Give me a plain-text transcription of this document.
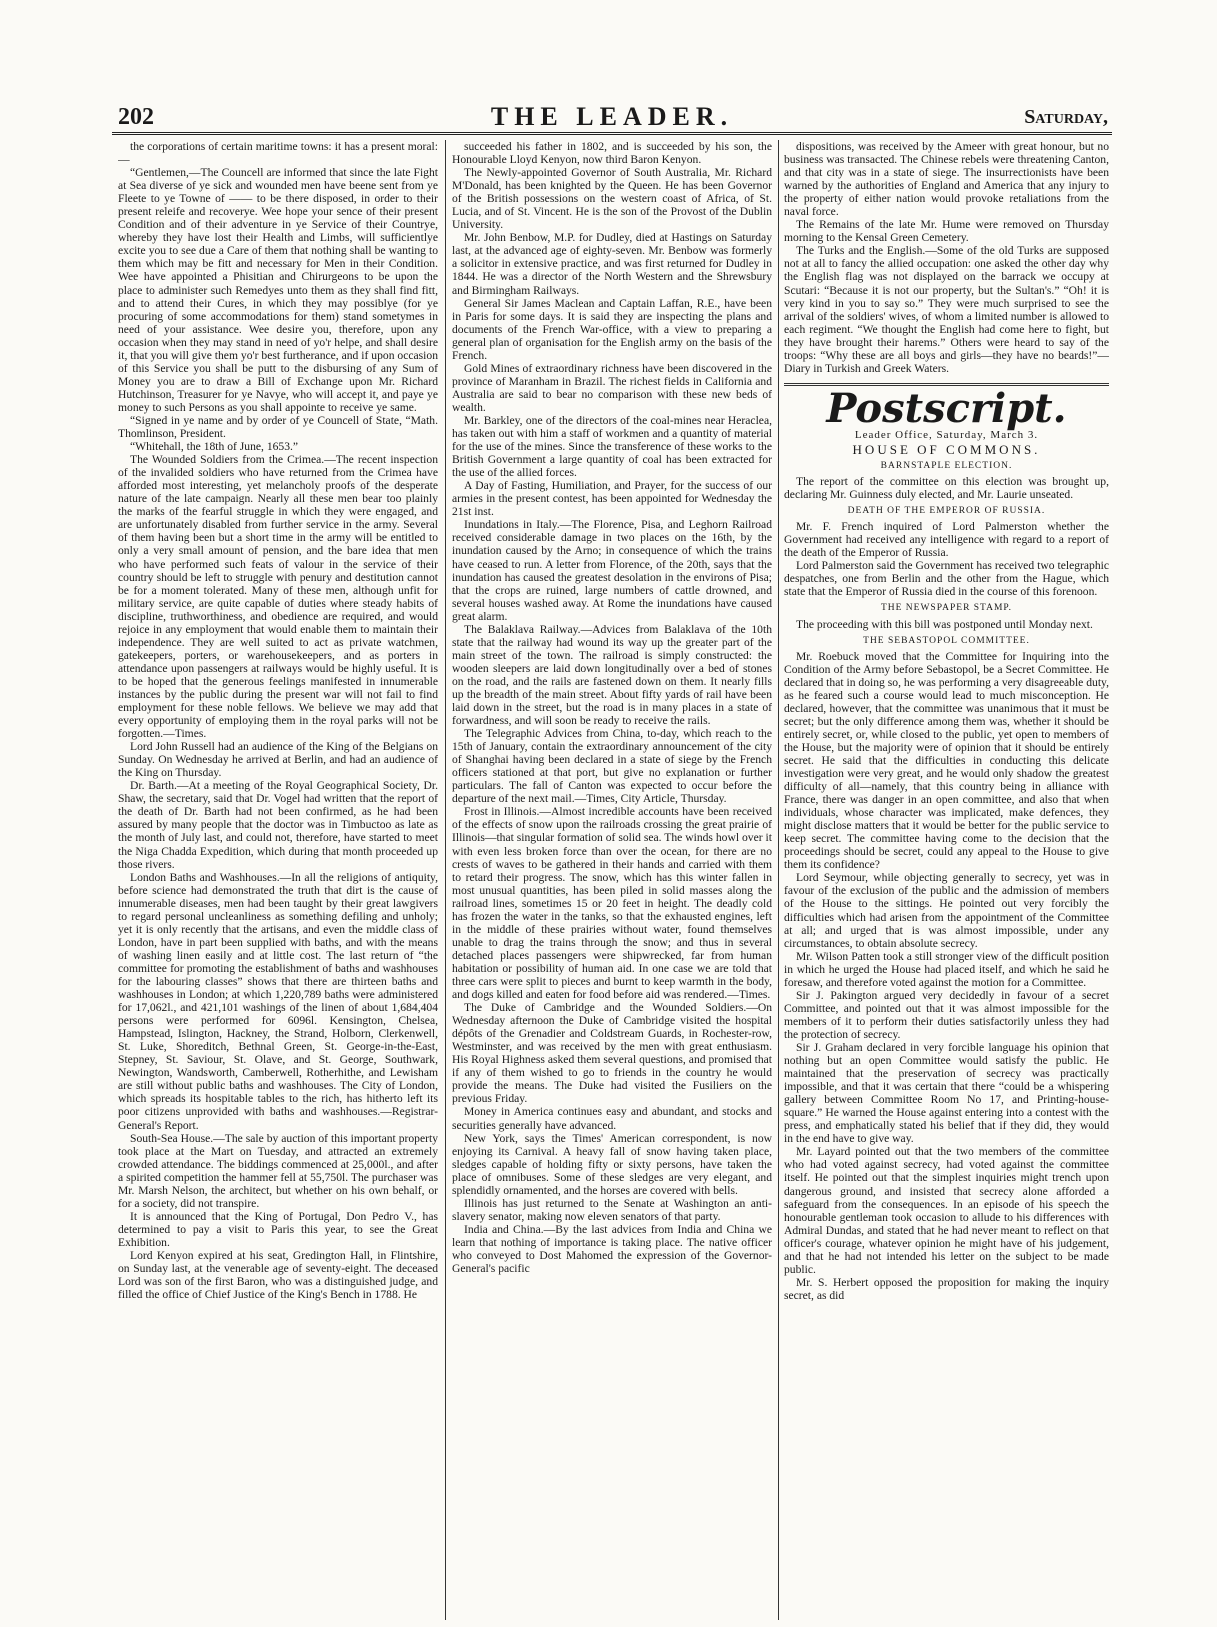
202	THE LEADER.	Saturday,

the corporations of certain maritime towns: it has a present moral:—

“Gentlemen,—The Councell are informed that since the late Fight at Sea diverse of ye sick and wounded men have beene sent from ye Fleete to ye Towne of —— to be there disposed, in order to their present releife and recoverye. Wee hope your sence of their present Condition and of their adventure in ye Service of their Countrye, whereby they have lost their Health and Limbs, will sufficientlye excite you to see due a Care of them that nothing shall be wanting to them which may be fitt and necessary for Men in their Condition. Wee have appointed a Phisitian and Chirurgeons to be upon the place to administer such Remedyes unto them as they shall find fitt, and to attend their Cures, in which they may possiblye (for ye procuring of some accommodations for them) stand sometymes in need of your assistance. Wee desire you, therefore, upon any occasion when they may stand in need of yo'r helpe, and shall desire it, that you will give them yo'r best furtherance, and if upon occasion of this Service you shall be putt to the disbursing of any Sum of Money you are to draw a Bill of Exchange upon Mr. Richard Hutchinson, Treasurer for ye Navye, who will accept it, and paye ye money to such Persons as you shall appointe to receive ye same.

“Signed in ye name and by order of ye Councell of State, “Math. Thomlinson, President.

“Whitehall, the 18th of June, 1653.”

The Wounded Soldiers from the Crimea.—The recent inspection of the invalided soldiers who have returned from the Crimea have afforded most interesting, yet melancholy proofs of the desperate nature of the late campaign. Nearly all these men bear too plainly the marks of the fearful struggle in which they were engaged, and are unfortunately disabled from further service in the army. Several of them having been but a short time in the army will be entitled to only a very small amount of pension, and the bare idea that men who have performed such feats of valour in the service of their country should be left to struggle with penury and destitution cannot be for a moment tolerated. Many of these men, although unfit for military service, are quite capable of duties where steady habits of discipline, truthworthiness, and obedience are required, and would rejoice in any employment that would enable them to maintain their independence. They are well suited to act as private watchmen, gatekeepers, porters, or warehousekeepers, and as porters in attendance upon passengers at railways would be highly useful. It is to be hoped that the generous feelings manifested in innumerable instances by the public during the present war will not fail to find employment for these noble fellows. We believe we may add that every opportunity of employing them in the royal parks will not be forgotten.—Times.

Lord John Russell had an audience of the King of the Belgians on Sunday. On Wednesday he arrived at Berlin, and had an audience of the King on Thursday.

Dr. Barth.—At a meeting of the Royal Geographical Society, Dr. Shaw, the secretary, said that Dr. Vogel had written that the report of the death of Dr. Barth had not been confirmed, as he had been assured by many people that the doctor was in Timbuctoo as late as the month of July last, and could not, therefore, have started to meet the Niga Chadda Expedition, which during that month proceeded up those rivers.

London Baths and Washhouses.—In all the religions of antiquity, before science had demonstrated the truth that dirt is the cause of innumerable diseases, men had been taught by their great lawgivers to regard personal uncleanliness as something defiling and unholy; yet it is only recently that the artisans, and even the middle class of London, have in part been supplied with baths, and with the means of washing linen easily and at little cost. The last return of “the committee for promoting the establishment of baths and washhouses for the labouring classes” shows that there are thirteen baths and washhouses in London; at which 1,220,789 baths were administered for 17,062l., and 421,101 washings of the linen of about 1,684,404 persons were performed for 6096l. Kensington, Chelsea, Hampstead, Islington, Hackney, the Strand, Holborn, Clerkenwell, St. Luke, Shoreditch, Bethnal Green, St. George-in-the-East, Stepney, St. Saviour, St. Olave, and St. George, Southwark, Newington, Wandsworth, Camberwell, Rotherhithe, and Lewisham are still without public baths and washhouses. The City of London, which spreads its hospitable tables to the rich, has hitherto left its poor citizens unprovided with baths and washhouses.—Registrar-General's Report.

South-Sea House.—The sale by auction of this important property took place at the Mart on Tuesday, and attracted an extremely crowded attendance. The biddings commenced at 25,000l., and after a spirited competition the hammer fell at 55,750l. The purchaser was Mr. Marsh Nelson, the architect, but whether on his own behalf, or for a society, did not transpire.

It is announced that the King of Portugal, Don Pedro V., has determined to pay a visit to Paris this year, to see the Great Exhibition.

Lord Kenyon expired at his seat, Gredington Hall, in Flintshire, on Sunday last, at the venerable age of seventy-eight. The deceased Lord was son of the first Baron, who was a distinguished judge, and filled the office of Chief Justice of the King's Bench in 1788. He

succeeded his father in 1802, and is succeeded by his son, the Honourable Lloyd Kenyon, now third Baron Kenyon.

The Newly-appointed Governor of South Australia, Mr. Richard M'Donald, has been knighted by the Queen. He has been Governor of the British possessions on the western coast of Africa, of St. Lucia, and of St. Vincent. He is the son of the Provost of the Dublin University.

Mr. John Benbow, M.P. for Dudley, died at Hastings on Saturday last, at the advanced age of eighty-seven. Mr. Benbow was formerly a solicitor in extensive practice, and was first returned for Dudley in 1844. He was a director of the North Western and the Shrewsbury and Birmingham Railways.

General Sir James Maclean and Captain Laffan, R.E., have been in Paris for some days. It is said they are inspecting the plans and documents of the French War-office, with a view to preparing a general plan of organisation for the English army on the basis of the French.

Gold Mines of extraordinary richness have been discovered in the province of Maranham in Brazil. The richest fields in California and Australia are said to bear no comparison with these new beds of wealth.

Mr. Barkley, one of the directors of the coal-mines near Heraclea, has taken out with him a staff of workmen and a quantity of material for the use of the mines. Since the transference of these works to the British Government a large quantity of coal has been extracted for the use of the allied forces.

A Day of Fasting, Humiliation, and Prayer, for the success of our armies in the present contest, has been appointed for Wednesday the 21st inst.

Inundations in Italy.—The Florence, Pisa, and Leghorn Railroad received considerable damage in two places on the 16th, by the inundation caused by the Arno; in consequence of which the trains have ceased to run. A letter from Florence, of the 20th, says that the inundation has caused the greatest desolation in the environs of Pisa; that the crops are ruined, large numbers of cattle drowned, and several houses washed away. At Rome the inundations have caused great alarm.

The Balaklava Railway.—Advices from Balaklava of the 10th state that the railway had wound its way up the greater part of the main street of the town. The railroad is simply constructed: the wooden sleepers are laid down longitudinally over a bed of stones on the road, and the rails are fastened down on them. It nearly fills up the breadth of the main street. About fifty yards of rail have been laid down in the street, but the road is in many places in a state of forwardness, and will soon be ready to receive the rails.

The Telegraphic Advices from China, to-day, which reach to the 15th of January, contain the extraordinary announcement of the city of Shanghai having been declared in a state of siege by the French officers stationed at that port, but give no explanation or further particulars. The fall of Canton was expected to occur before the departure of the next mail.—Times, City Article, Thursday.

Frost in Illinois.—Almost incredible accounts have been received of the effects of snow upon the railroads crossing the great prairie of Illinois—that singular formation of solid sea. The winds howl over it with even less broken force than over the ocean, for there are no crests of waves to be gathered in their hands and carried with them to retard their progress. The snow, which has this winter fallen in most unusual quantities, has been piled in solid masses along the railroad lines, sometimes 15 or 20 feet in height. The deadly cold has frozen the water in the tanks, so that the exhausted engines, left in the middle of these prairies without water, found themselves unable to drag the trains through the snow; and thus in several detached places passengers were shipwrecked, far from human habitation or possibility of human aid. In one case we are told that three cars were split to pieces and burnt to keep warmth in the body, and dogs killed and eaten for food before aid was rendered.—Times.

The Duke of Cambridge and the Wounded Soldiers.—On Wednesday afternoon the Duke of Cambridge visited the hospital dépôts of the Grenadier and Coldstream Guards, in Rochester-row, Westminster, and was received by the men with great enthusiasm. His Royal Highness asked them several questions, and promised that if any of them wished to go to friends in the country he would provide the means. The Duke had visited the Fusiliers on the previous Friday.

Money in America continues easy and abundant, and stocks and securities generally have advanced.

New York, says the Times' American correspondent, is now enjoying its Carnival. A heavy fall of snow having taken place, sledges capable of holding fifty or sixty persons, have taken the place of omnibuses. Some of these sledges are very elegant, and splendidly ornamented, and the horses are covered with bells.

Illinois has just returned to the Senate at Washington an anti-slavery senator, making now eleven senators of that party.

India and China.—By the last advices from India and China we learn that nothing of importance is taking place. The native officer who conveyed to Dost Mahomed the expression of the Governor-General's pacific

dispositions, was received by the Ameer with great honour, but no business was transacted. The Chinese rebels were threatening Canton, and that city was in a state of siege. The insurrectionists have been warned by the authorities of England and America that any injury to the property of either nation would provoke retaliations from the naval force.

The Remains of the late Mr. Hume were removed on Thursday morning to the Kensal Green Cemetery.

The Turks and the English.—Some of the old Turks are supposed not at all to fancy the allied occupation: one asked the other day why the English flag was not displayed on the barrack we occupy at Scutari: “Because it is not our property, but the Sultan's.” “Oh! it is very kind in you to say so.” They were much surprised to see the arrival of the soldiers' wives, of whom a limited number is allowed to each regiment. “We thought the English had come here to fight, but they have brought their harems.” Others were heard to say of the troops: “Why these are all boys and girls—they have no beards!”—Diary in Turkish and Greek Waters.

Postscript.
Leader Office, Saturday, March 3.
HOUSE OF COMMONS.
BARNSTAPLE ELECTION.

The report of the committee on this election was brought up, declaring Mr. Guinness duly elected, and Mr. Laurie unseated.

DEATH OF THE EMPEROR OF RUSSIA.

Mr. F. French inquired of Lord Palmerston whether the Government had received any intelligence with regard to a report of the death of the Emperor of Russia.

Lord Palmerston said the Government has received two telegraphic despatches, one from Berlin and the other from the Hague, which state that the Emperor of Russia died in the course of this forenoon.

THE NEWSPAPER STAMP.

The proceeding with this bill was postponed until Monday next.

THE SEBASTOPOL COMMITTEE.

Mr. Roebuck moved that the Committee for Inquiring into the Condition of the Army before Sebastopol, be a Secret Committee. He declared that in doing so, he was performing a very disagreeable duty, as he feared such a course would lead to much misconception. He declared, however, that the committee was unanimous that it must be secret; but the only difference among them was, whether it should be entirely secret, or, while closed to the public, yet open to members of the House, but the majority were of opinion that it should be entirely secret. He said that the difficulties in conducting this delicate investigation were very great, and he would only shadow the greatest difficulty of all—namely, that this country being in alliance with France, there was danger in an open committee, and also that when individuals, whose character was implicated, make defences, they might disclose matters that it would be better for the public service to keep secret. The committee having come to the decision that the proceedings should be secret, could any appeal to the House to give them its confidence?

Lord Seymour, while objecting generally to secrecy, yet was in favour of the exclusion of the public and the admission of members of the House to the sittings. He pointed out very forcibly the difficulties which had arisen from the appointment of the Committee at all; and urged that is was almost impossible, under any circumstances, to obtain absolute secrecy.

Mr. Wilson Patten took a still stronger view of the difficult position in which he urged the House had placed itself, and which he said he foresaw, and therefore voted against the motion for a Committee.

Sir J. Pakington argued very decidedly in favour of a secret Committee, and pointed out that it was almost impossible for the members of it to perform their duties satisfactorily unless they had the protection of secrecy.

Sir J. Graham declared in very forcible language his opinion that nothing but an open Committee would satisfy the public. He maintained that the preservation of secrecy was practically impossible, and that it was certain that there “could be a whispering gallery between Committee Room No 17, and Printing-house-square.” He warned the House against entering into a contest with the press, and emphatically stated his belief that if they did, they would in the end have to give way.

Mr. Layard pointed out that the two members of the committee who had voted against secrecy, had voted against the committee itself. He pointed out that the simplest inquiries might trench upon dangerous ground, and insisted that secrecy alone afforded a safeguard from the consequences. In an episode of his speech the honourable gentleman took occasion to allude to his differences with Admiral Dundas, and stated that he had never meant to reflect on that officer's courage, whatever opinion he might have of his judgement, and that he had not intended his letter on the subject to be made public.

Mr. S. Herbert opposed the proposition for making the inquiry secret, as did
